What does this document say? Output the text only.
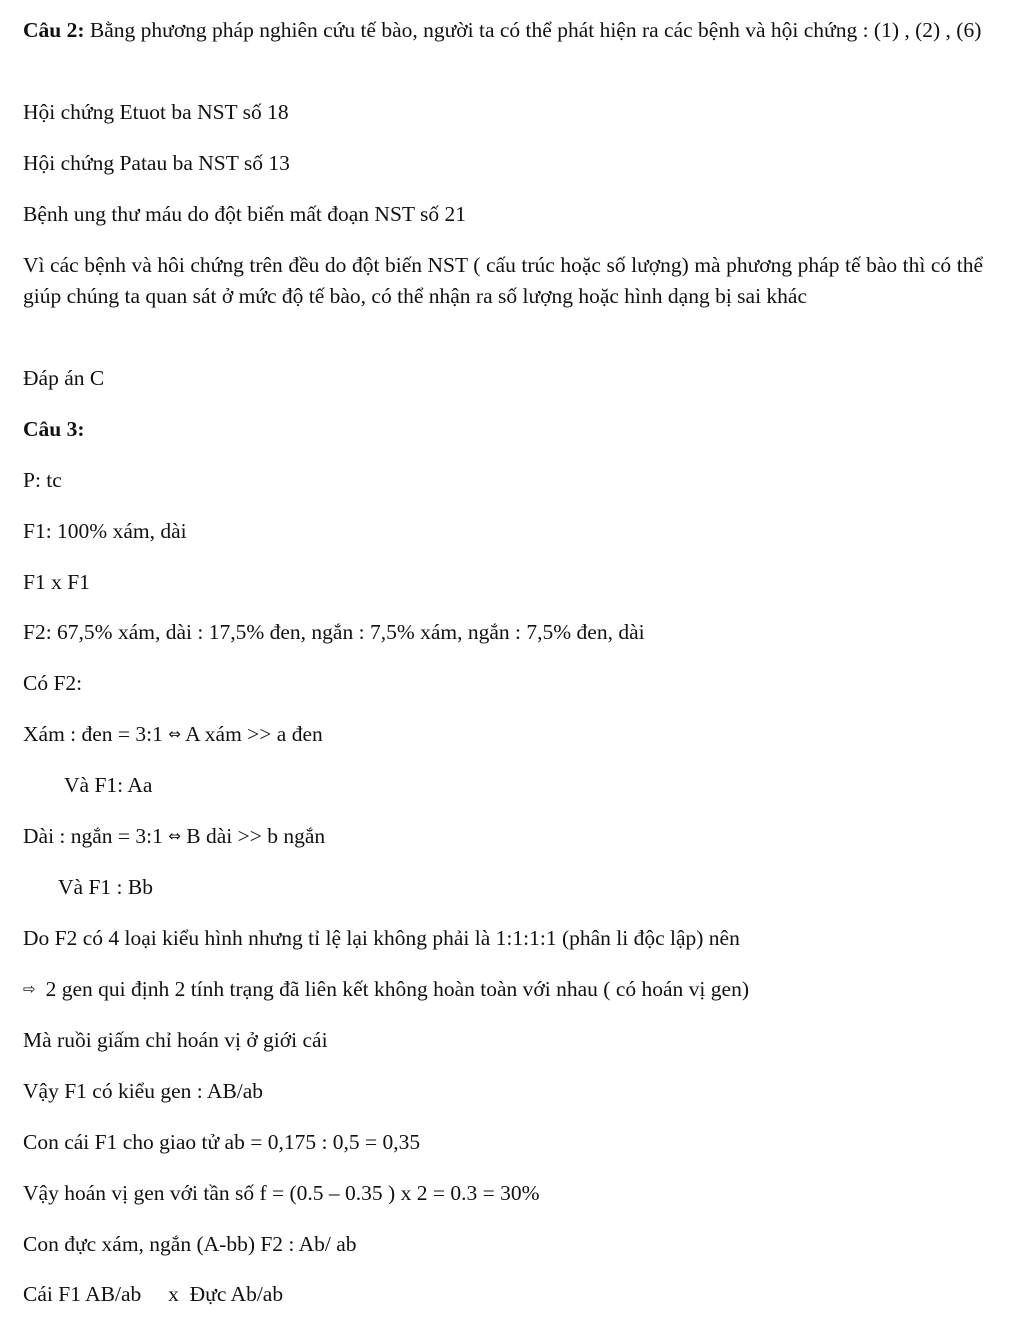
Câu 2: Bằng phương pháp nghiên cứu tế bào, người ta có thể phát hiện ra các bệnh và hội chứng : (1) , (2) , (6)
Hội chứng Etuot ba NST số 18
Hội chứng Patau ba NST số 13
Bệnh ung thư máu do đột biến mất đoạn NST số 21
Vì các bệnh và hôi chứng trên đều do đột biến NST ( cấu trúc hoặc số lượng) mà phương pháp tế bào thì có thể giúp chúng ta quan sát ở mức độ tế bào, có thể nhận ra số lượng hoặc hình dạng bị sai khác
Đáp án C
Câu 3:
P: tc
F1: 100% xám, dài
F1 x F1
F2: 67,5% xám, dài : 17,5% đen, ngắn : 7,5% xám, ngắn : 7,5% đen, dài
Có F2:
Xám : đen = 3:1 ⇔ A xám >> a đen
Và F1: Aa
Dài : ngắn = 3:1 ⇔ B dài >> b ngắn
Và F1 : Bb
Do F2 có 4 loại kiểu hình nhưng tỉ lệ lại không phải là 1:1:1:1 (phân li độc lập) nên
⇨ 2 gen qui định 2 tính trạng đã liên kết không hoàn toàn với nhau ( có hoán vị gen)
Mà ruồi giấm chỉ hoán vị ở giới cái
Vậy F1 có kiểu gen : AB/ab
Con cái F1 cho giao tử ab = 0,175 : 0,5 = 0,35
Vậy hoán vị gen với tần số f = (0.5 – 0.35 ) x 2 = 0.3 = 30%
Con đực xám, ngắn (A-bb) F2 : Ab/ ab
Cái F1 AB/ab     x  Đực Ab/ab
